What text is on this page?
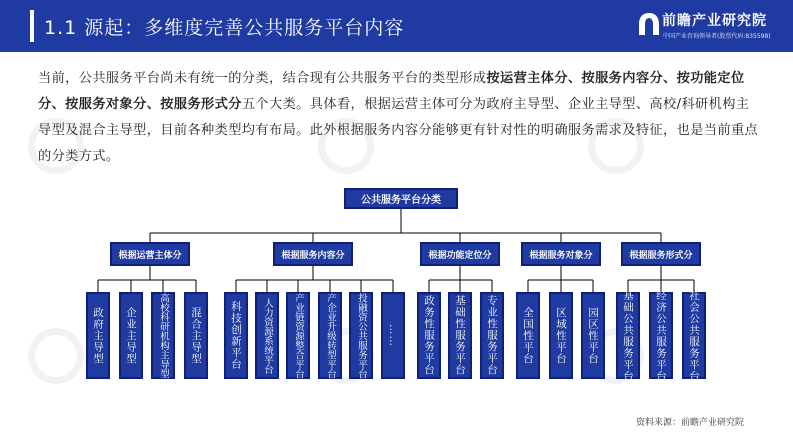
1.1 源起：多维度完善公共服务平台内容	前瞻产业研究院
中国产业咨询领导者(股票代码:835598)
当前，公共服务平台尚未有统一的分类，结合现有公共服务平台的类型形成按运营主体分、按服务内容分、按功能定位分、按服务对象分、按服务形式分五个大类。具体看，根据运营主体可分为政府主导型、企业主导型、高校/科研机构主导型及混合主导型，目前各种类型均有布局。此外根据服务内容分能够更有针对性的明确服务需求及特征，也是当前重点的分类方式。
公共服务平台分类
根据运营主体分	根据服务内容分	根据功能定位分	根据服务对象分	根据服务形式分
政府主导型 企业主导型 高校科研机构主导型 混合主导型	科技创新平台 人力资源系统平台 产业链资源整合平台 产企业升级转型平台 投融资公共服务平台 …… 政务性服务平台 基础性服务平台 专业性服务平台 全国性平台 区域性平台 园区性平台 基础公共服务平台 经济公共服务平台 社会公共服务平台
资料来源：前瞻产业研究院
